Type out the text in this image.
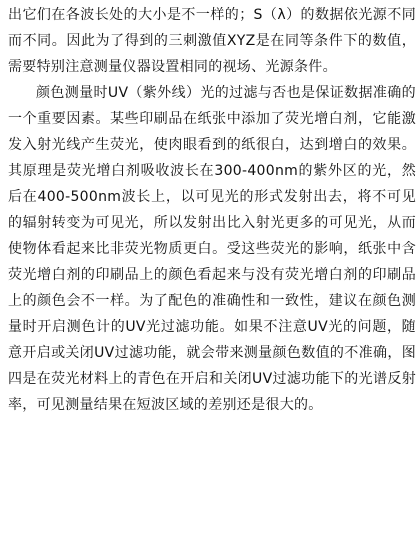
出它们在各波长处的大小是不一样的；S（λ）的数据依光源不同而不同。因此为了得到的三刺激值XYZ是在同等条件下的数值，需要特别注意测量仪器设置相同的视场、光源条件。

颜色测量时UV（紫外线）光的过滤与否也是保证数据准确的一个重要因素。某些印刷品在纸张中添加了荧光增白剂，它能激发入射光线产生荧光，使肉眼看到的纸很白，达到增白的效果。其原理是荧光增白剂吸收波长在300-400nm的紫外区的光，然后在400-500nm波长上，以可见光的形式发射出去，将不可见的辐射转变为可见光，所以发射出比入射光更多的可见光，从而使物体看起来比非荧光物质更白。受这些荧光的影响，纸张中含荧光增白剂的印刷品上的颜色看起来与没有荧光增白剂的印刷品上的颜色会不一样。为了配色的准确性和一致性，建议在颜色测量时开启测色计的UV光过滤功能。如果不注意UV光的问题，随意开启或关闭UV过滤功能，就会带来测量颜色数值的不准确，图四是在荧光材料上的青色在开启和关闭UV过滤功能下的光谱反射率，可见测量结果在短波区域的差别还是很大的。
